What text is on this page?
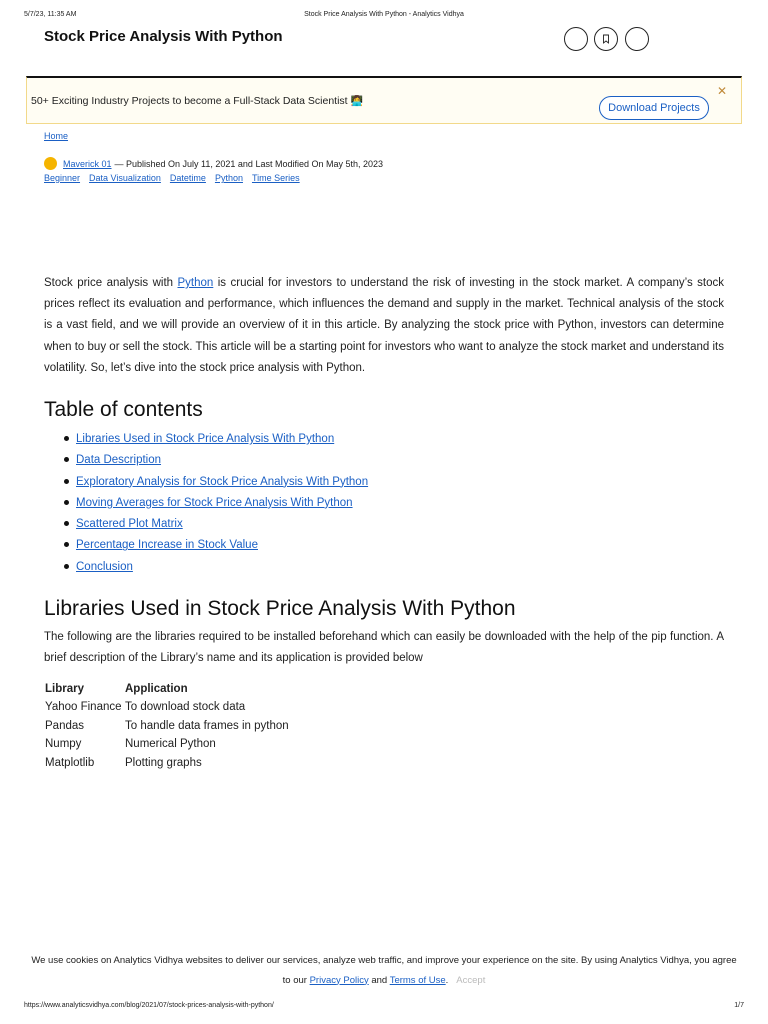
5/7/23, 11:35 AM	Stock Price Analysis With Python - Analytics Vidhya
Stock Price Analysis With Python
50+ Exciting Industry Projects to become a Full-Stack Data Scientist 👩‍💻
Download Projects
✕
Home
Maverick 01 — Published On July 11, 2021 and Last Modified On May 5th, 2023
Beginner Data Visualization Datetime Python Time Series

Stock price analysis with Python is crucial for investors to understand the risk of investing in the stock market. A company’s stock prices reflect its evaluation and performance, which influences the demand and supply in the market. Technical analysis of the stock is a vast field, and we will provide an overview of it in this article. By analyzing the stock price with Python, investors can determine when to buy or sell the stock. This article will be a starting point for investors who want to analyze the stock market and understand its volatility. So, let’s dive into the stock price analysis with Python.

Table of contents
Libraries Used in Stock Price Analysis With Python
Data Description
Exploratory Analysis for Stock Price Analysis With Python
Moving Averages for Stock Price Analysis With Python
Scattered Plot Matrix
Percentage Increase in Stock Value
Conclusion
Libraries Used in Stock Price Analysis With Python

The following are the libraries required to be installed beforehand which can easily be downloaded with the help of the pip function. A brief description of the Library’s name and its application is provided below

Library	Application
Yahoo Finance	To download stock data
Pandas	To handle data frames in python
Numpy	Numerical Python
Matplotlib	Plotting graphs
We use cookies on Analytics Vidhya websites to deliver our services, analyze web traffic, and improve your experience on the site. By using Analytics Vidhya, you agree to our Privacy Policy and Terms of Use. Accept
https://www.analyticsvidhya.com/blog/2021/07/stock-prices-analysis-with-python/	1/7
